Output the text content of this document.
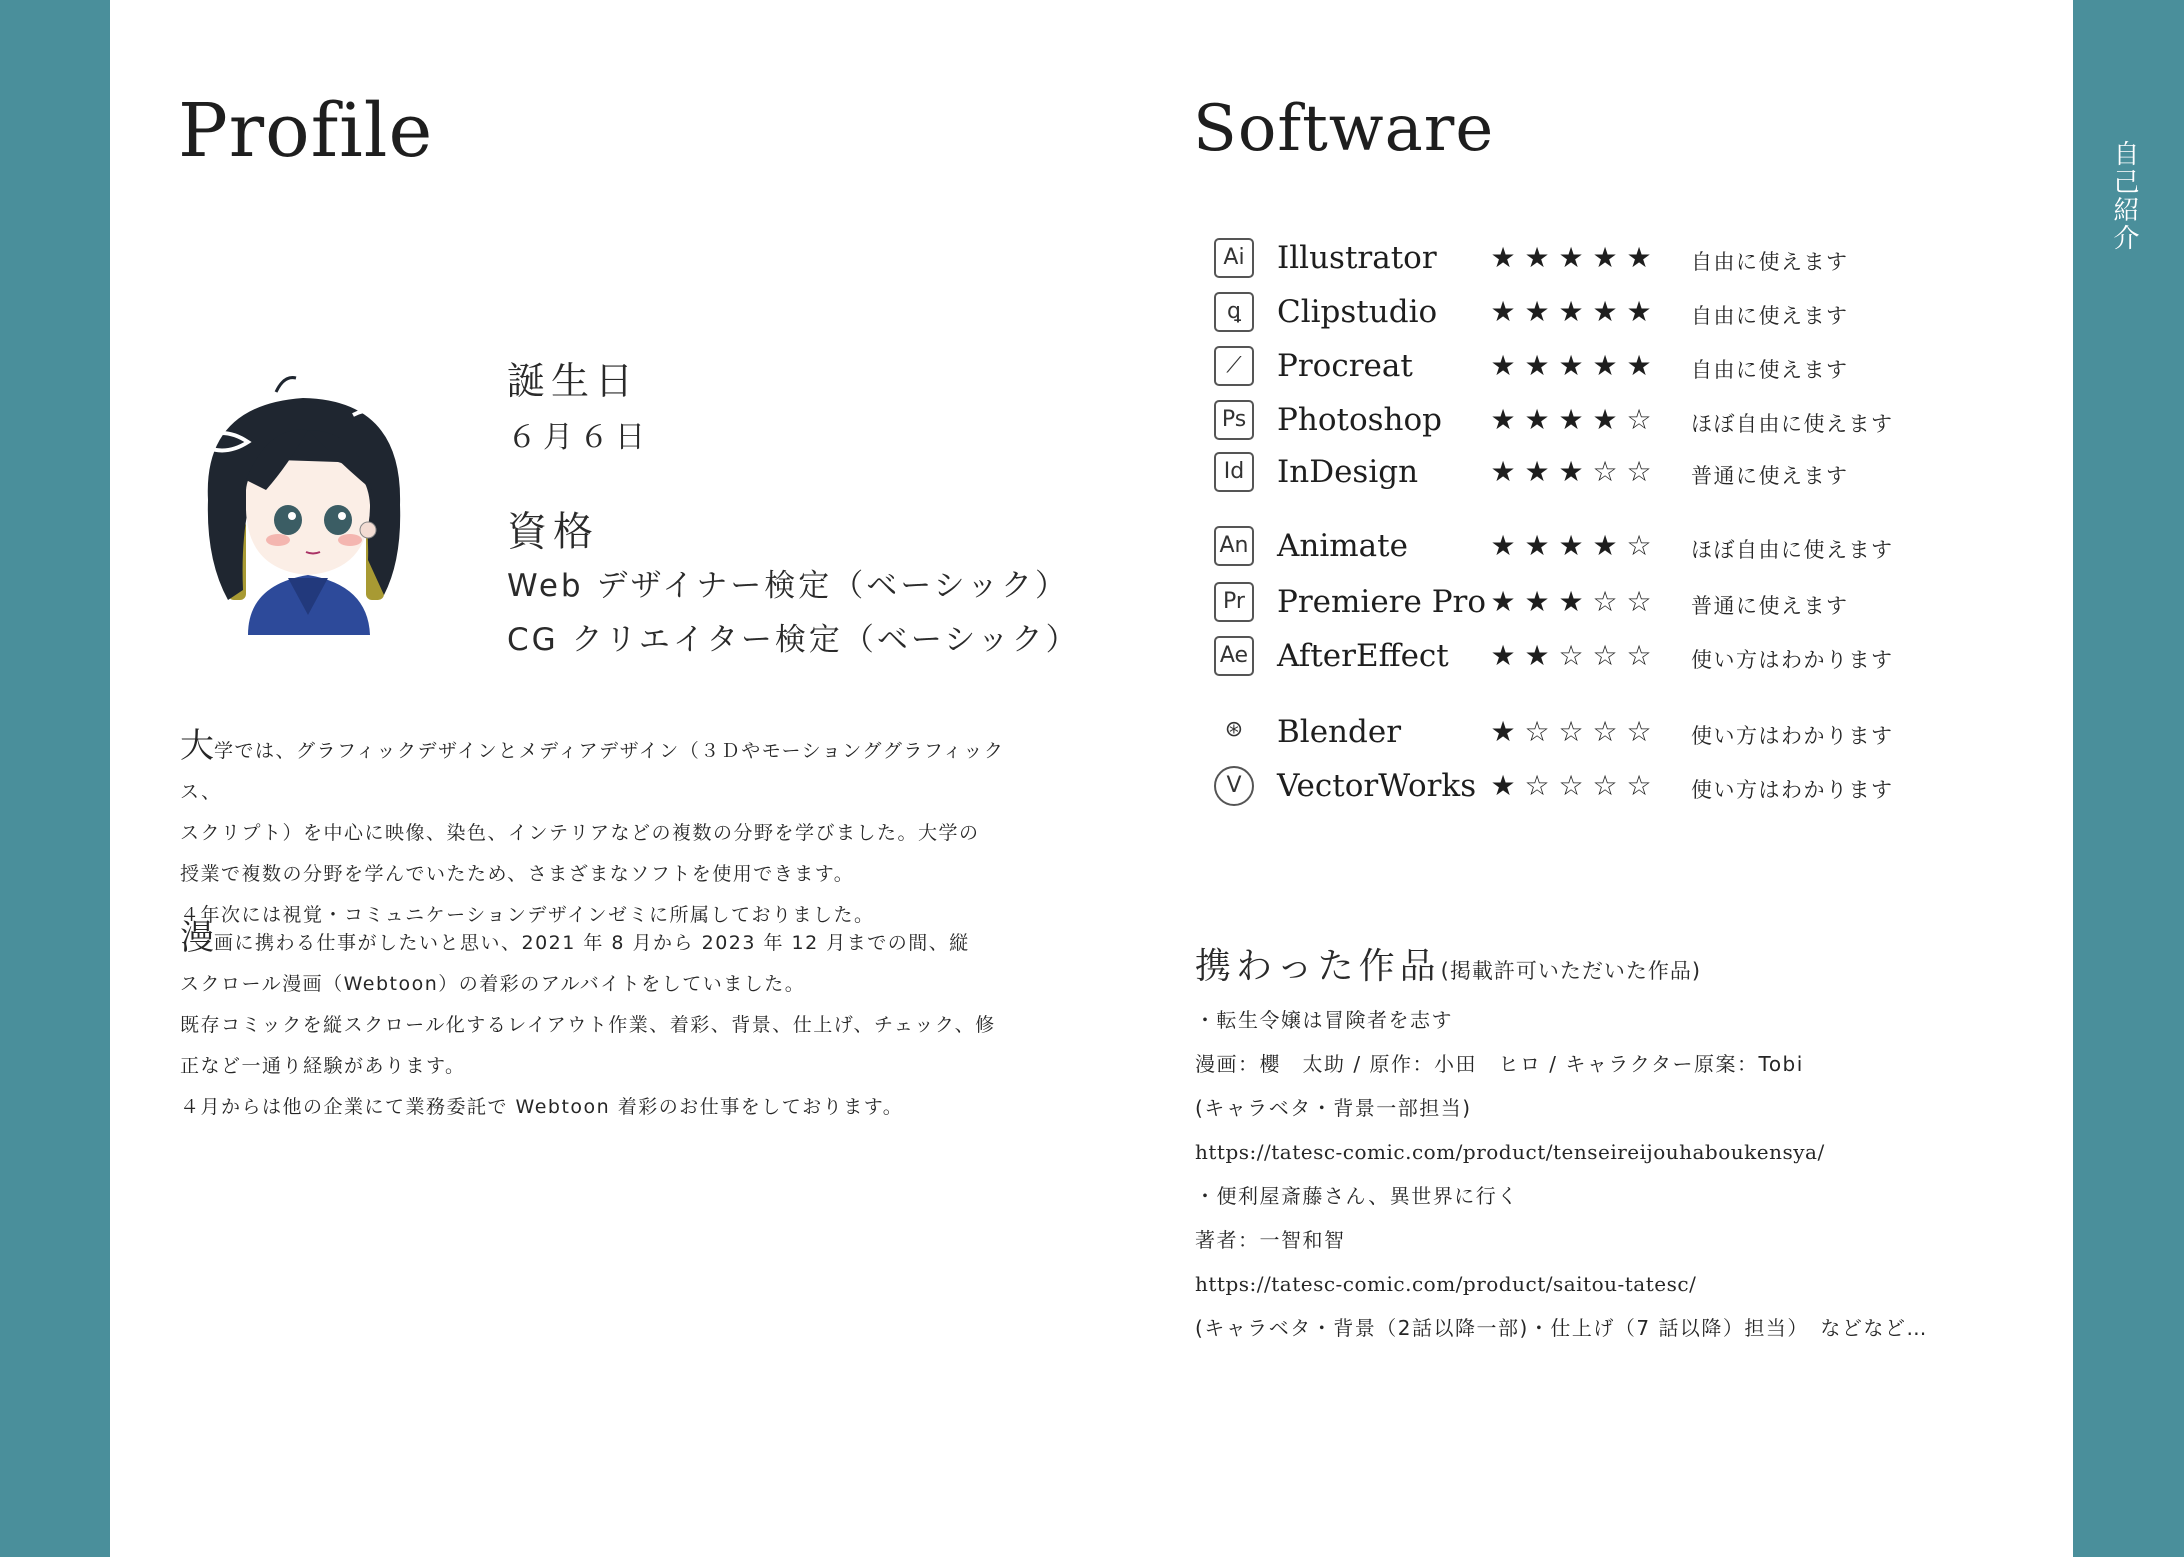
自己紹介
Profile	Software
誕生日
６月６日
資格
Web デザイナー検定（ベーシック）
CG クリエイター検定（ベーシック）

大学では、グラフィックデザインとメディアデザイン（３Ｄやモーションググラフィックス、
スクリプト）を中心に映像、染色、インテリアなどの複数の分野を学びました。大学の
授業で複数の分野を学んでいたため、さまざまなソフトを使用できます。
４年次には視覚・コミュニケーションデザインゼミに所属しておりました。

漫画に携わる仕事がしたいと思い、2021 年 8 月から 2023 年 12 月までの間、縦
スクロール漫画（Webtoon）の着彩のアルバイトをしていました。
既存コミックを縦スクロール化するレイアウト作業、着彩、背景、仕上げ、チェック、修
正など一通り経験があります。
４月からは他の企業にて業務委託で Webtoon 着彩のお仕事をしております。

Ai	Illustrator ★ ★ ★ ★ ★ 自由に使えます
ꝗ	Clipstudio ★ ★ ★ ★ ★ 自由に使えます
⟋	Procreat	★ ★ ★ ★ ★ 自由に使えます
Ps Photoshop ★ ★ ★ ★ ☆ ほぼ自由に使えます
Id	InDesign	★ ★ ★ ☆ ☆ 普通に使えます
An Animate	★ ★ ★ ★ ☆ ほぼ自由に使えます
Pr Premiere Pro ★ ★ ★ ☆ ☆ 普通に使えます
Ae AfterEffect ★ ★ ☆ ☆ ☆ 使い方はわかります
⊛	Blender	★ ☆ ☆ ☆ ☆ 使い方はわかります
V	VectorWorks ★ ☆ ☆ ☆ ☆ 使い方はわかります
携わった作品(掲載許可いただいた作品)
・転生令嬢は冒険者を志す
漫画：櫻　太助 / 原作：小田　ヒロ / キャラクター原案：Tobi
(キャラベタ・背景一部担当)
https://tatesc-comic.com/product/tenseireijouhaboukensya/
・便利屋斎藤さん、異世界に行く
著者：一智和智
https://tatesc-comic.com/product/saitou-tatesc/
(キャラベタ・背景（2話以降一部)・仕上げ（7 話以降）担当）　などなど…
